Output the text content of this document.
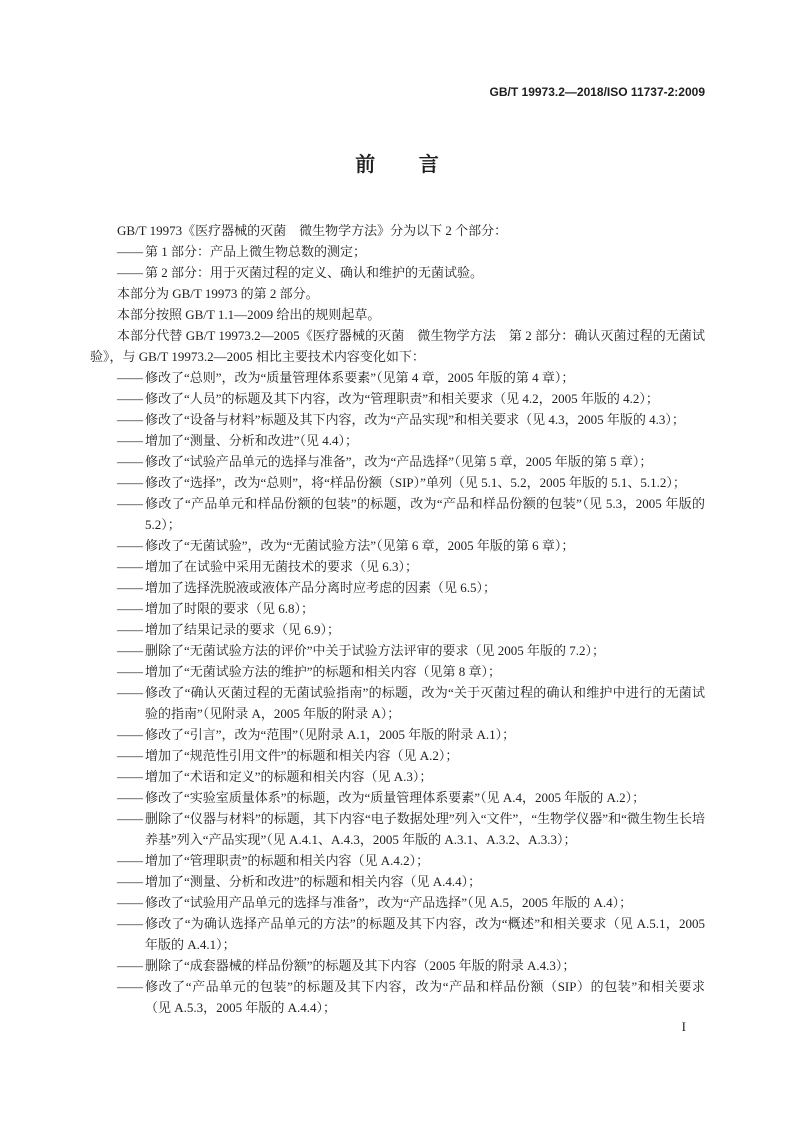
GB/T 19973.2—2018/ISO 11737-2:2009
前 言

GB/T 19973《医疗器械的灭菌　微生物学方法》分为以下 2 个部分：

—— 第 1 部分：产品上微生物总数的测定；
—— 第 2 部分：用于灭菌过程的定义、确认和维护的无菌试验。

本部分为 GB/T 19973 的第 2 部分。

本部分按照 GB/T 1.1—2009 给出的规则起草。

本部分代替 GB/T 19973.2—2005《医疗器械的灭菌　微生物学方法　第 2 部分：确认灭菌过程的无菌试验》，与 GB/T 19973.2—2005 相比主要技术内容变化如下：

—— 修改了“总则”，改为“质量管理体系要素”（见第 4 章，2005 年版的第 4 章）；
—— 修改了“人员”的标题及其下内容，改为“管理职责”和相关要求（见 4.2，2005 年版的 4.2）；
—— 修改了“设备与材料”标题及其下内容，改为“产品实现”和相关要求（见 4.3，2005 年版的 4.3）；
—— 增加了“测量、分析和改进”（见 4.4）；
—— 修改了“试验产品单元的选择与准备”，改为“产品选择”（见第 5 章，2005 年版的第 5 章）；
—— 修改了“选择”，改为“总则”，将“样品份额（SIP）”单列（见 5.1、5.2，2005 年版的 5.1、5.1.2）；
—— 修改了“产品单元和样品份额的包装”的标题，改为“产品和样品份额的包装”（见 5.3，2005 年版的 5.2）；
—— 修改了“无菌试验”，改为“无菌试验方法”（见第 6 章，2005 年版的第 6 章）；
—— 增加了在试验中采用无菌技术的要求（见 6.3）；
—— 增加了选择洗脱液或液体产品分离时应考虑的因素（见 6.5）；
—— 增加了时限的要求（见 6.8）；
—— 增加了结果记录的要求（见 6.9）；
—— 删除了“无菌试验方法的评价”中关于试验方法评审的要求（见 2005 年版的 7.2）；
—— 增加了“无菌试验方法的维护”的标题和相关内容（见第 8 章）；
—— 修改了“确认灭菌过程的无菌试验指南”的标题，改为“关于灭菌过程的确认和维护中进行的无菌试验的指南”（见附录 A，2005 年版的附录 A）；
—— 修改了“引言”，改为“范围”（见附录 A.1，2005 年版的附录 A.1）；
—— 增加了“规范性引用文件”的标题和相关内容（见 A.2）；
—— 增加了“术语和定义”的标题和相关内容（见 A.3）；
—— 修改了“实验室质量体系”的标题，改为“质量管理体系要素”（见 A.4，2005 年版的 A.2）；
—— 删除了“仪器与材料”的标题，其下内容“电子数据处理”列入“文件”，“生物学仪器”和“微生物生长培养基”列入“产品实现”（见 A.4.1、A.4.3，2005 年版的 A.3.1、A.3.2、A.3.3）；
—— 增加了“管理职责”的标题和相关内容（见 A.4.2）；
—— 增加了“测量、分析和改进”的标题和相关内容（见 A.4.4）；
—— 修改了“试验用产品单元的选择与准备”，改为“产品选择”（见 A.5，2005 年版的 A.4）；
—— 修改了“为确认选择产品单元的方法”的标题及其下内容，改为“概述”和相关要求（见 A.5.1，2005 年版的 A.4.1）；
—— 删除了“成套器械的样品份额”的标题及其下内容（2005 年版的附录 A.4.3）；
—— 修改了“产品单元的包装”的标题及其下内容，改为“产品和样品份额（SIP）的包装”和相关要求（见 A.5.3，2005 年版的 A.4.4）；
I
